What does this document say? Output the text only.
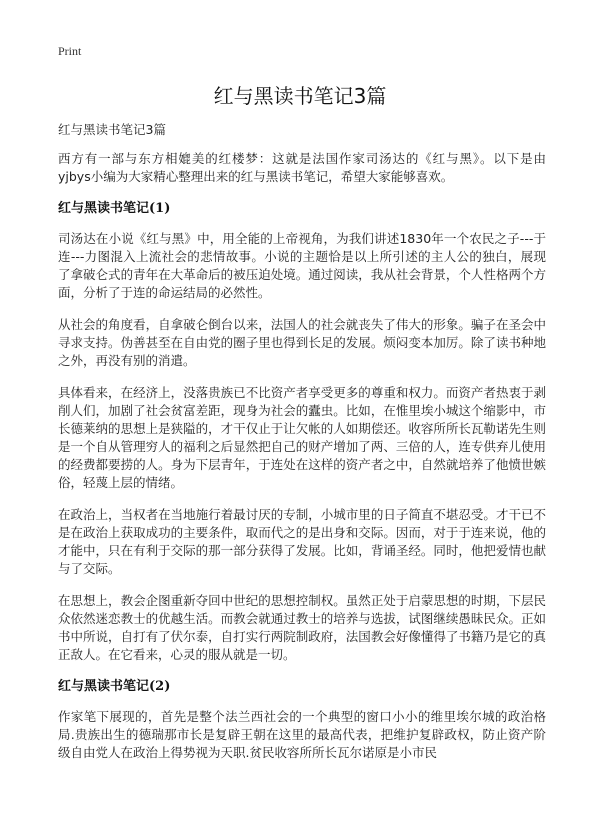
Print
红与黑读书笔记3篇
红与黑读书笔记3篇

西方有一部与东方相媲美的红楼梦：这就是法国作家司汤达的《红与黑》。以下是由yjbys小编为大家精心整理出来的红与黑读书笔记，希望大家能够喜欢。

红与黑读书笔记(1)

司汤达在小说《红与黑》中，用全能的上帝视角，为我们讲述1830年一个农民之子---于连---力图混入上流社会的悲情故事。小说的主题恰是以上所引述的主人公的独白，展现了拿破仑式的青年在大革命后的被压迫处境。通过阅读，我从社会背景，个人性格两个方面，分析了于连的命运结局的必然性。

从社会的角度看，自拿破仑倒台以来，法国人的社会就丧失了伟大的形象。骗子在圣会中寻求支持。伪善甚至在自由党的圈子里也得到长足的发展。烦闷变本加厉。除了读书种地之外，再没有别的消遣。

具体看来，在经济上，没落贵族已不比资产者享受更多的尊重和权力。而资产者热衷于剥削人们，加剧了社会贫富差距，现身为社会的蠹虫。比如，在惟里埃小城这个缩影中，市长德莱纳的思想上是狭隘的，才干仅止于让欠帐的人如期偿还。收容所所长瓦勒诺先生则是一个自从管理穷人的福利之后显然把自己的财产增加了两、三倍的人，连专供弃儿使用的经费都要捞的人。身为下层青年，于连处在这样的资产者之中，自然就培养了他愤世嫉俗，轻蔑上层的情绪。

在政治上，当权者在当地施行着最讨厌的专制，小城市里的日子简直不堪忍受。才干已不是在政治上获取成功的主要条件，取而代之的是出身和交际。因而，对于于连来说，他的才能中，只在有利于交际的那一部分获得了发展。比如，背诵圣经。同时，他把爱情也献与了交际。

在思想上，教会企图重新夺回中世纪的思想控制权。虽然正处于启蒙思想的时期，下层民众依然迷恋教士的优越生活。而教会就通过教士的培养与选拔，试图继续愚昧民众。正如书中所说，自打有了伏尔泰，自打实行两院制政府，法国教会好像懂得了书籍乃是它的真正敌人。在它看来，心灵的服从就是一切。

红与黑读书笔记(2)

作家笔下展现的，首先是整个法兰西社会的一个典型的窗口小小的维里埃尔城的政治格局.贵族出生的德瑞那市长是复辟王朝在这里的最高代表，把维护复辟政权，防止资产阶级自由党人在政治上得势视为天职.贫民收容所所长瓦尔诺原是小市民
